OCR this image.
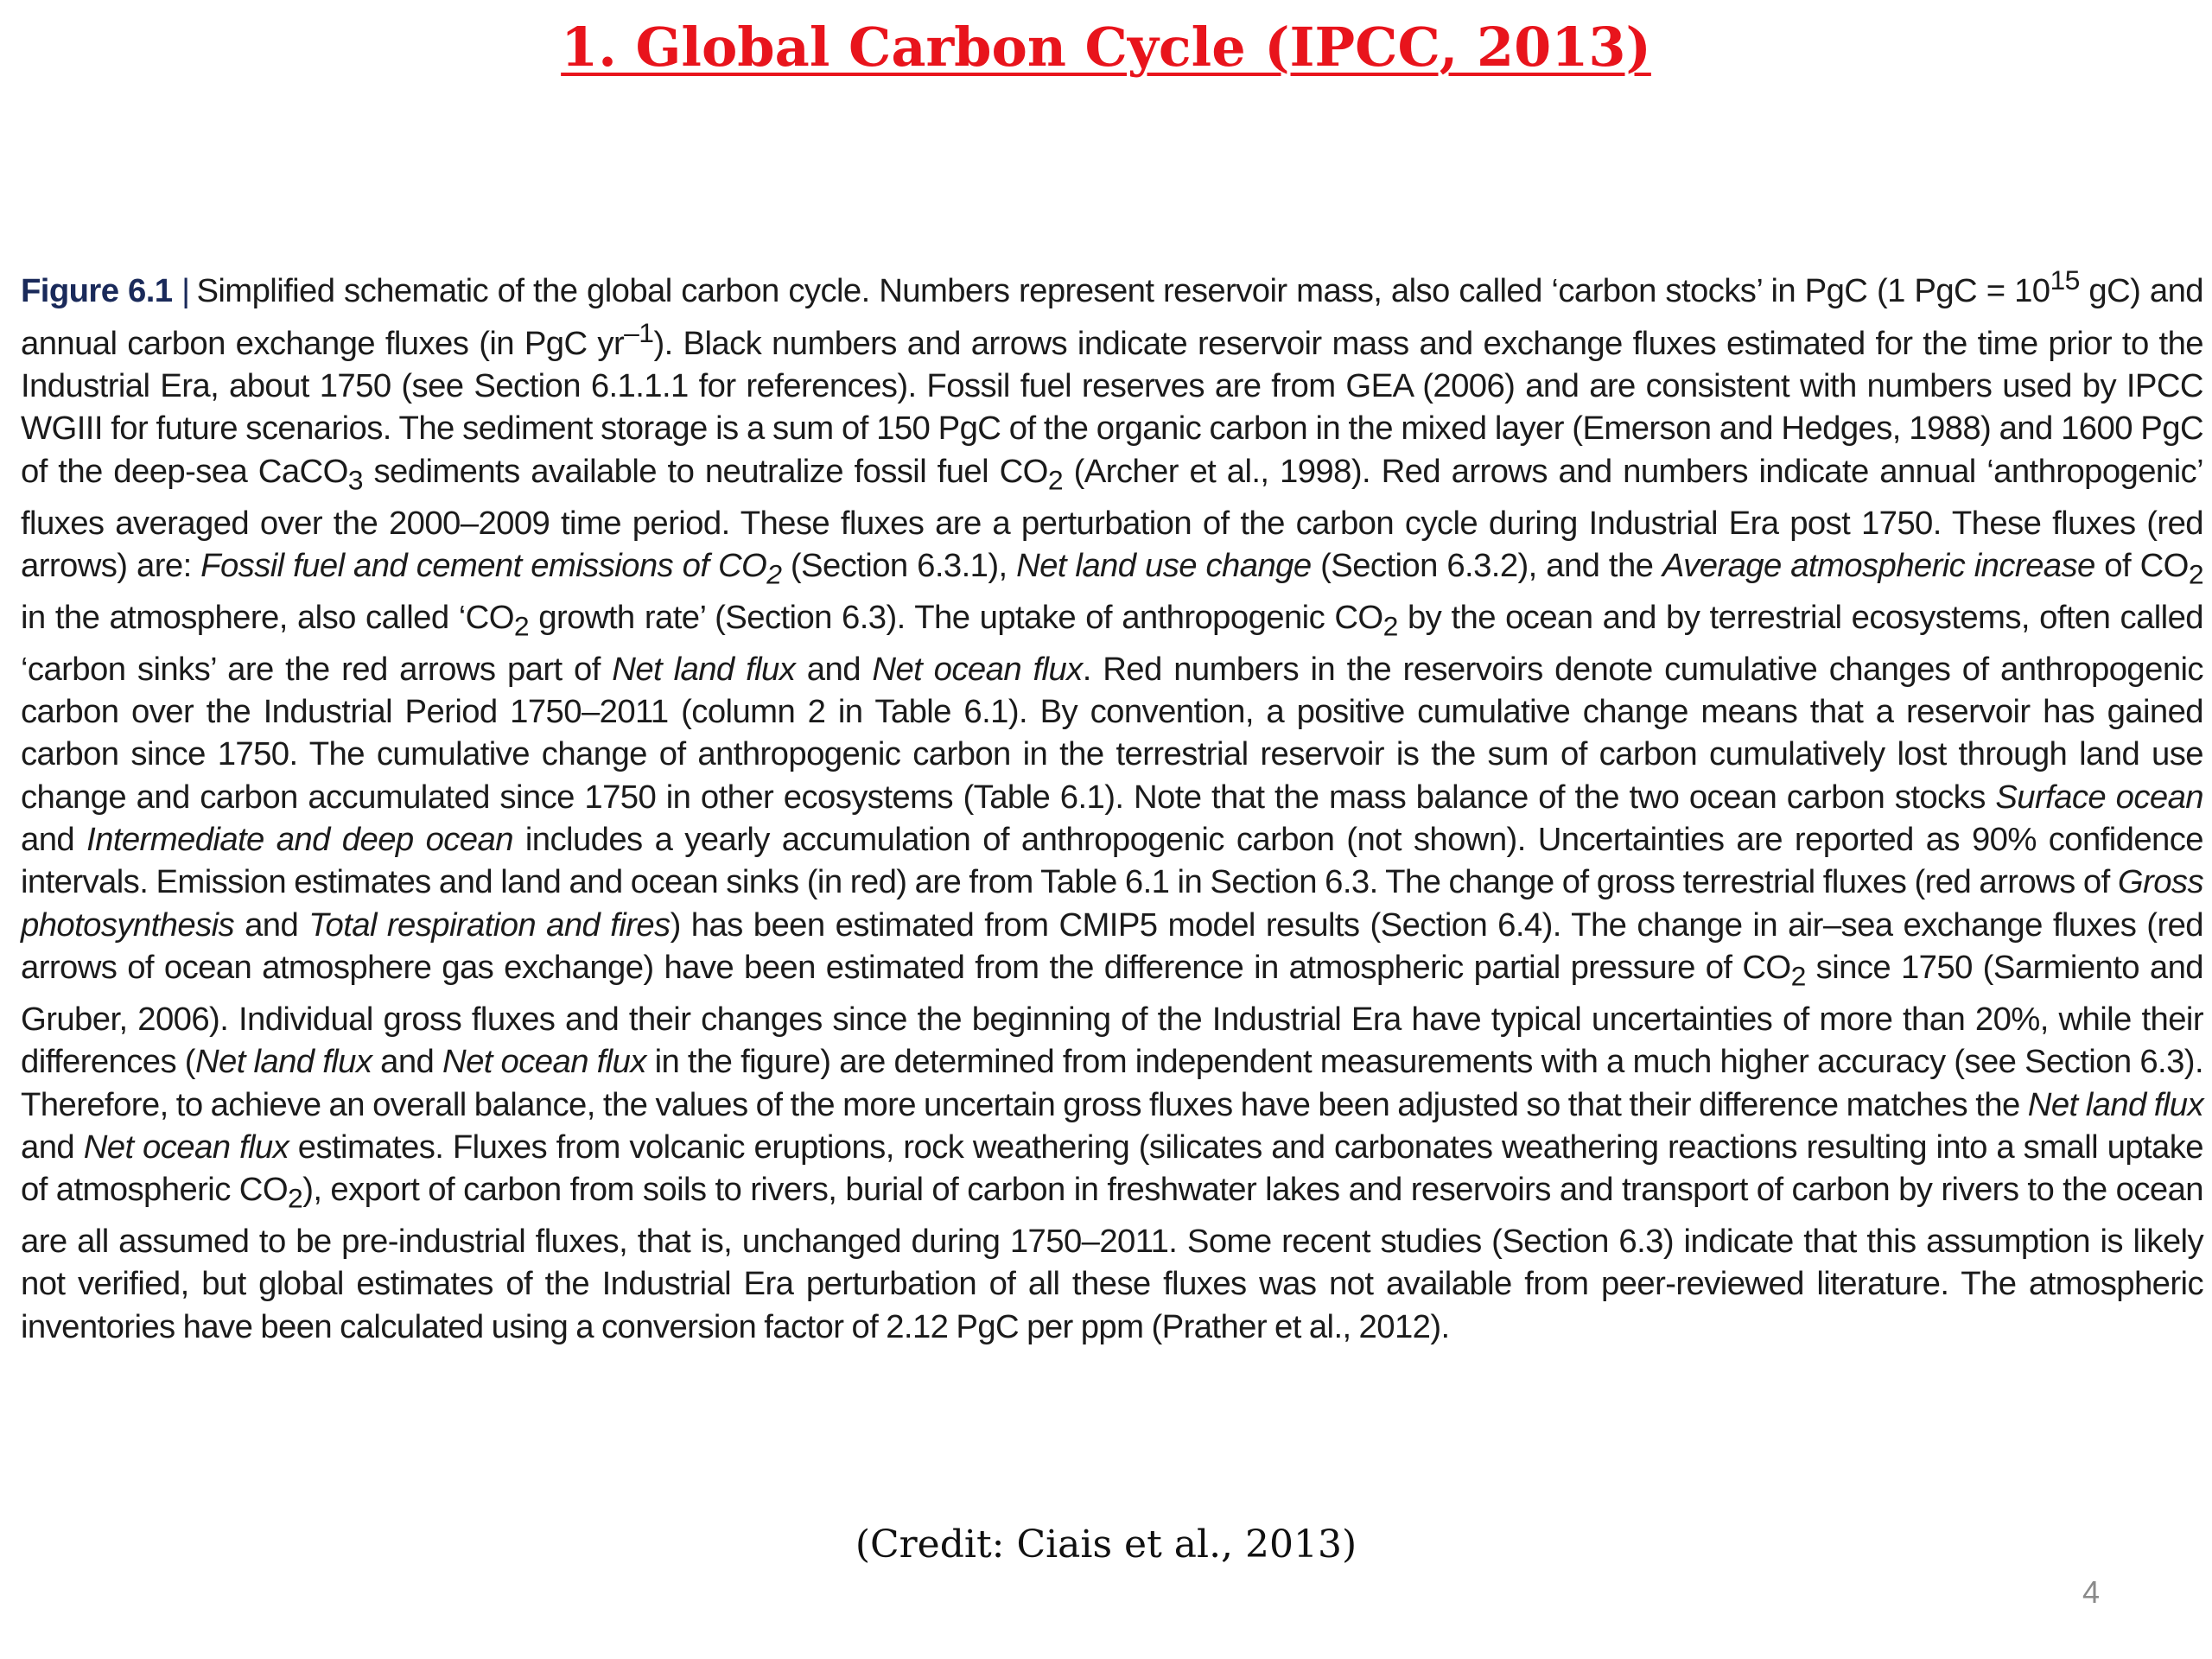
1. Global Carbon Cycle (IPCC, 2013)
Figure 6.1 | Simplified schematic of the global carbon cycle. Numbers represent reservoir mass, also called ‘carbon stocks’ in PgC (1 PgC = $10^{15}$ gC) and annual carbon exchange fluxes (in PgC $yr^{-1}$). Black numbers and arrows indicate reservoir mass and exchange fluxes estimated for the time prior to the Industrial Era, about 1750 (see Section 6.1.1.1 for references). Fossil fuel reserves are from GEA (2006) and are consistent with numbers used by IPCC WGIII for future scenarios. The sediment storage is a sum of 150 PgC of the organic carbon in the mixed layer (Emerson and Hedges, 1988) and 1600 PgC of the deep-sea CaCO$_3$ sediments available to neutralize fossil fuel $CO_2$ (Archer et al., 1998). Red arrows and numbers indicate annual ‘anthropogenic’ fluxes averaged over the 2000–2009 time period. These fluxes are a perturbation of the carbon cycle during Industrial Era post 1750. These fluxes (red arrows) are: Fossil fuel and cement emissions of $CO_2$ (Section 6.3.1), Net land use change (Section 6.3.2), and the Average atmospheric increase of $CO_2$ in the atmosphere, also called ‘$CO_2$ growth rate’ (Section 6.3). The uptake of anthropogenic $CO_2$ by the ocean and by terrestrial ecosystems, often called ‘carbon sinks’ are the red arrows part of Net land flux and Net ocean flux. Red numbers in the reservoirs denote cumulative changes of anthropogenic carbon over the Industrial Period 1750–2011 (column 2 in Table 6.1). By convention, a positive cumulative change means that a reservoir has gained carbon since 1750. The cumulative change of anthropogenic carbon in the terrestrial reservoir is the sum of carbon cumulatively lost through land use change and carbon accumulated since 1750 in other ecosystems (Table 6.1). Note that the mass balance of the two ocean carbon stocks Surface ocean and Intermediate and deep ocean includes a yearly accumulation of anthropogenic carbon (not shown). Uncertainties are reported as 90% confidence intervals. Emission estimates and land and ocean sinks (in red) are from Table 6.1 in Section 6.3. The change of gross terrestrial fluxes (red arrows of Gross photosynthesis and Total respiration and fires) has been estimated from CMIP5 model results (Section 6.4). The change in air–sea exchange fluxes (red arrows of ocean atmosphere gas exchange) have been estimated from the difference in atmospheric partial pressure of $CO_2$ since 1750 (Sarmiento and Gruber, 2006). Individual gross fluxes and their changes since the beginning of the Industrial Era have typical uncertainties of more than 20%, while their differences (Net land flux and Net ocean flux in the figure) are determined from independent measurements with a much higher accuracy (see Section 6.3). Therefore, to achieve an overall balance, the values of the more uncertain gross fluxes have been adjusted so that their difference matches the Net land flux and Net ocean flux estimates. Fluxes from volcanic eruptions, rock weathering (silicates and carbonates weathering reactions resulting into a small uptake of atmospheric $CO_2$), export of carbon from soils to rivers, burial of carbon in freshwater lakes and reservoirs and transport of carbon by rivers to the ocean are all assumed to be pre-industrial fluxes, that is, unchanged during 1750–2011. Some recent studies (Section 6.3) indicate that this assumption is likely not verified, but global estimates of the Industrial Era perturbation of all these fluxes was not available from peer-reviewed literature. The atmospheric inventories have been calculated using a conversion factor of 2.12 PgC per ppm (Prather et al., 2012).
(Credit: Ciais et al., 2013)
4
